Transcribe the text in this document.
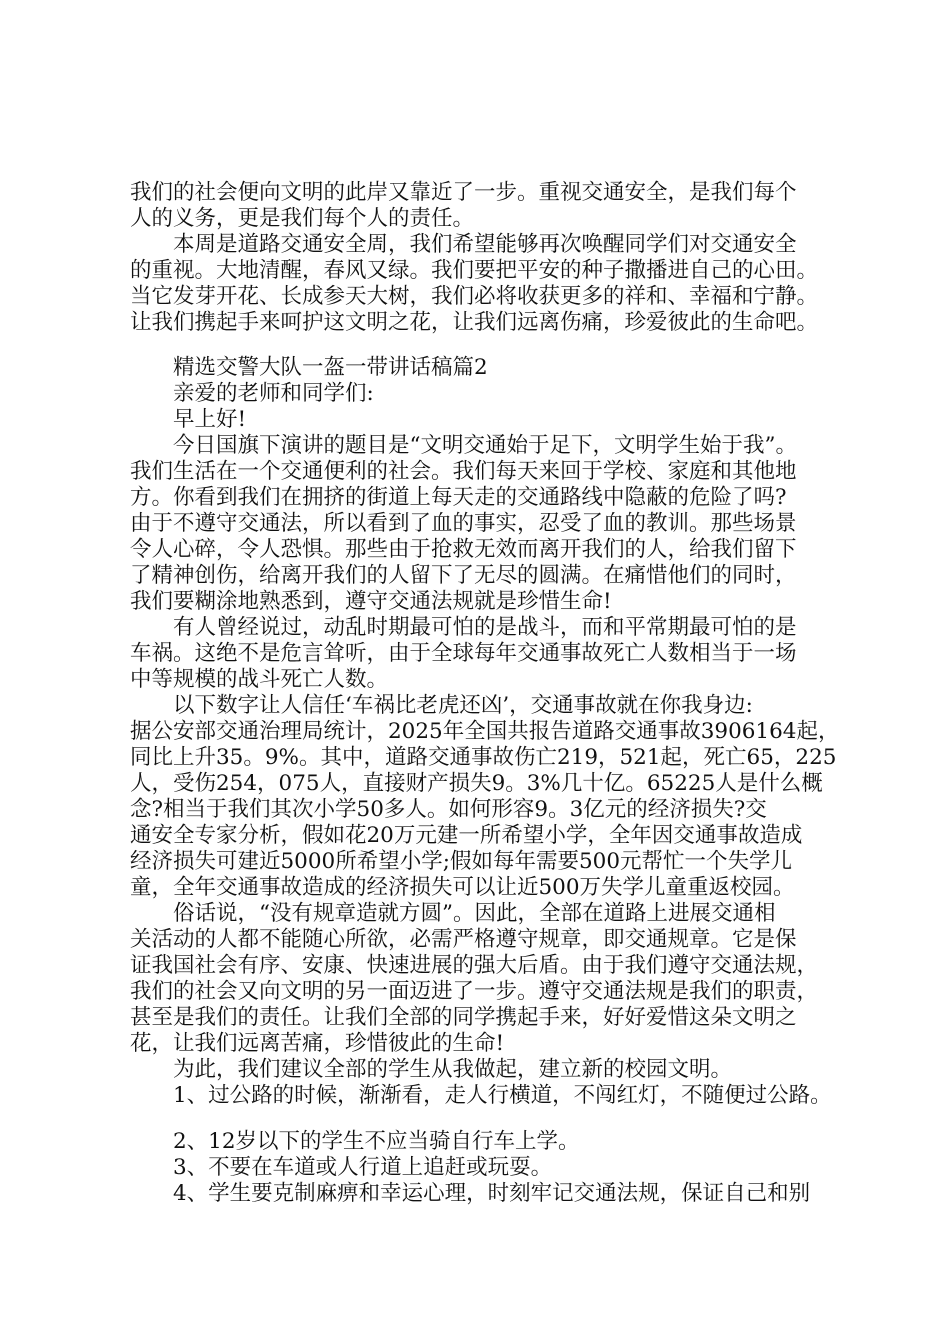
我们的社会便向文明的此岸又靠近了一步。重视交通安全，是我们每个
人的义务，更是我们每个人的责任。
本周是道路交通安全周，我们希望能够再次唤醒同学们对交通安全
的重视。大地清醒，春风又绿。我们要把平安的种子撒播进自己的心田。
当它发芽开花、长成参天大树，我们必将收获更多的祥和、幸福和宁静。
让我们携起手来呵护这文明之花，让我们远离伤痛，珍爱彼此的生命吧。
精选交警大队一盔一带讲话稿篇2
亲爱的老师和同学们:
早上好!
今日国旗下演讲的题目是“文明交通始于足下，文明学生始于我”。
我们生活在一个交通便利的社会。我们每天来回于学校、家庭和其他地
方。你看到我们在拥挤的街道上每天走的交通路线中隐蔽的危险了吗?
由于不遵守交通法，所以看到了血的事实，忍受了血的教训。那些场景
令人心碎，令人恐惧。那些由于抢救无效而离开我们的人，给我们留下
了精神创伤，给离开我们的人留下了无尽的圆满。在痛惜他们的同时，
我们要糊涂地熟悉到，遵守交通法规就是珍惜生命!
有人曾经说过，动乱时期最可怕的是战斗，而和平常期最可怕的是
车祸。这绝不是危言耸听，由于全球每年交通事故死亡人数相当于一场
中等规模的战斗死亡人数。
以下数字让人信任‘车祸比老虎还凶’，交通事故就在你我身边:
据公安部交通治理局统计，2025年全国共报告道路交通事故3906164起，
同比上升35。9%。其中，道路交通事故伤亡219，521起，死亡65，225
人，受伤254，075人，直接财产损失9。3%几十亿。65225人是什么概
念?相当于我们其次小学50多人。如何形容9。3亿元的经济损失?交
通安全专家分析，假如花20万元建一所希望小学，全年因交通事故造成
经济损失可建近5000所希望小学;假如每年需要500元帮忙一个失学儿
童，全年交通事故造成的经济损失可以让近500万失学儿童重返校园。
俗话说，“没有规章造就方圆”。因此，全部在道路上进展交通相
关活动的人都不能随心所欲，必需严格遵守规章，即交通规章。它是保
证我国社会有序、安康、快速进展的强大后盾。由于我们遵守交通法规，
我们的社会又向文明的另一面迈进了一步。遵守交通法规是我们的职责，
甚至是我们的责任。让我们全部的同学携起手来，好好爱惜这朵文明之
花，让我们远离苦痛，珍惜彼此的生命!
为此，我们建议全部的学生从我做起，建立新的校园文明。
1、过公路的时候，渐渐看，走人行横道，不闯红灯，不随便过公路。
2、12岁以下的学生不应当骑自行车上学。
3、不要在车道或人行道上追赶或玩耍。
4、学生要克制麻痹和幸运心理，时刻牢记交通法规，保证自己和别
